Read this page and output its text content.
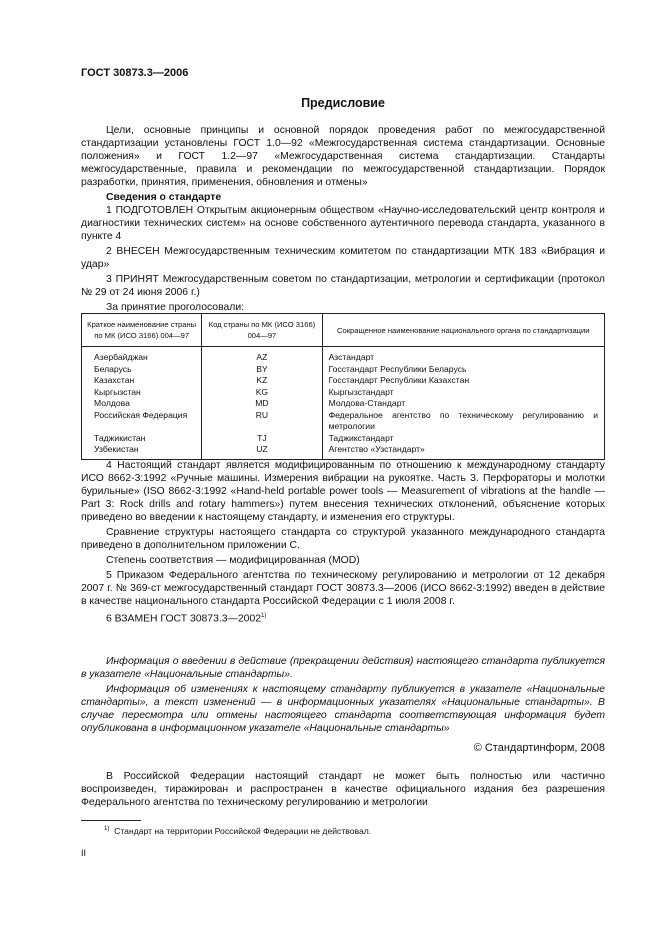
ГОСТ 30873.3—2006
Предисловие

Цели, основные принципы и основной порядок проведения работ по межгосударственной стандартизации установлены ГОСТ 1.0—92 «Межгосударственная система стандартизации. Основные положения» и ГОСТ 1.2—97 «Межгосударственная система стандартизации. Стандарты межгосударственные, правила и рекомендации по межгосударственной стандартизации. Порядок разработки, принятия, применения, обновления и отмены»

Сведения о стандарте

1 ПОДГОТОВЛЕН Открытым акционерным обществом «Научно-исследовательский центр контроля и диагностики технических систем» на основе собственного аутентичного перевода стандарта, указанного в пункте 4

2 ВНЕСЕН Межгосударственным техническим комитетом по стандартизации МТК 183 «Вибрация и удар»

3 ПРИНЯТ Межгосударственным советом по стандартизации, метрологии и сертификации (протокол № 29 от 24 июня 2006 г.)

За принятие проголосовали:

Краткое наименование страны по МК (ИСО 3166) 004—97	Код страны по МК (ИСО 3166) 004—97	Сокращенное наименование национального органа по стандартизации
Азербайджан	AZ	Азстандарт
Беларусь	BY	Госстандарт Республики Беларусь
Казахстан	KZ	Госстандарт Республики Казахстан
Кыргызстан	KG	Кыргызстандарт
Молдова	MD	Молдова-Стандарт
Российская Федерация	RU	Федеральное агентство по техническому регулированию и метрологии
Таджикистан	TJ	Таджикстандарт
Узбекистан	UZ	Агентство «Узстандарт»

4 Настоящий стандарт является модифицированным по отношению к международному стандарту ИСО 8662-3:1992 «Ручные машины. Измерения вибрации на рукоятке. Часть 3. Перфораторы и молотки бурильные» (ISO 8662-3:1992 «Hand-held portable power tools — Measurement of vibrations at the handle — Part 3: Rock drills and rotary hammers») путем внесения технических отклонений, объяснение которых приведено во введении к настоящему стандарту, и изменения его структуры.

Сравнение структуры настоящего стандарта со структурой указанного международного стандарта приведено в дополнительном приложении С.

Степень соответствия — модифицированная (MOD)

5 Приказом Федерального агентства по техническому регулированию и метрологии от 12 декабря 2007 г. № 369-ст межгосударственный стандарт ГОСТ 30873.3—2006 (ИСО 8662-3:1992) введен в действие в качестве национального стандарта Российской Федерации с 1 июля 2008 г.

6 ВЗАМЕН ГОСТ 30873.3—2002$^{1)}$

Информация о введении в действие (прекращении действия) настоящего стандарта публикуется в указателе «Национальные стандарты».

Информация об изменениях к настоящему стандарту публикуется в указателе «Национальные стандарты», а текст изменений — в информационных указателях «Национальные стандарты». В случае пересмотра или отмены настоящего стандарта соответствующая информация будет опубликована в информационном указателе «Национальные стандарты»

© Стандартинформ, 2008

В Российской Федерации настоящий стандарт не может быть полностью или частично воспроизведен, тиражирован и распространен в качестве официального издания без разрешения Федерального агентства по техническому регулированию и метрологии

$^{1)}$ Стандарт на территории Российской Федерации не действовал.
II
